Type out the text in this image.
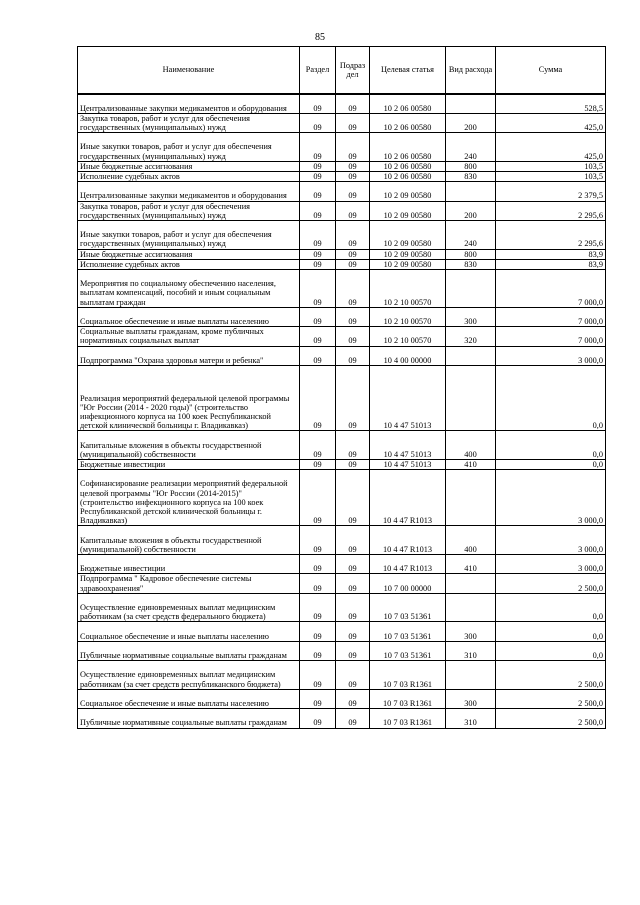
85
Наименование	Раздел	Подраз дел	Целевая статья	Вид расхода	Сумма
Централизованные закупки медикаментов и оборудования	09	09	10 2 06 00580		528,5
Закупка товаров, работ и услуг для обеспечения государственных (муниципальных) нужд	09	09	10 2 06 00580	200	425,0
Иные закупки товаров, работ и услуг для обеспечения государственных (муниципальных) нужд	09	09	10 2 06 00580	240	425,0
Иные бюджетные ассигнования	09	09	10 2 06 00580	800	103,5
Исполнение судебных актов	09	09	10 2 06 00580	830	103,5
Централизованные закупки медикаментов и оборудования	09	09	10 2 09 00580		2 379,5
Закупка товаров, работ и услуг для обеспечения государственных (муниципальных) нужд	09	09	10 2 09 00580	200	2 295,6
Иные закупки товаров, работ и услуг для обеспечения государственных (муниципальных) нужд	09	09	10 2 09 00580	240	2 295,6
Иные бюджетные ассигнования	09	09	10 2 09 00580	800	83,9
Исполнение судебных актов	09	09	10 2 09 00580	830	83,9
Мероприятия по социальному обеспечению населения, выплатам компенсаций, пособий и иным социальным выплатам граждан	09	09	10 2 10 00570		7 000,0
Социальное обеспечение и иные выплаты населению	09	09	10 2 10 00570	300	7 000,0
Социальные выплаты гражданам, кроме публичных нормативных социальных выплат	09	09	10 2 10 00570	320	7 000,0
Подпрограмма "Охрана здоровья матери и ребенка"	09	09	10 4 00 00000		3 000,0
Реализация мероприятий федеральной целевой программы "Юг России (2014 - 2020 годы)" (строительство инфекционного корпуса на 100 коек Республиканской детской клинической больницы г. Владикавказ)	09	09	10 4 47 51013		0,0
Капитальные вложения в объекты государственной (муниципальной) собственности	09	09	10 4 47 51013	400	0,0
Бюджетные инвестиции	09	09	10 4 47 51013	410	0,0
Софинансирование реализации мероприятий федеральной целевой программы "Юг России (2014-2015)" (строительство инфекционного корпуса на 100 коек Республиканской детской клинической больницы г. Владикавказ)	09	09	10 4 47 R1013		3 000,0
Капитальные вложения в объекты государственной (муниципальной) собственности	09	09	10 4 47 R1013	400	3 000,0
Бюджетные инвестиции	09	09	10 4 47 R1013	410	3 000,0
Подпрограмма " Кадровое обеспечение системы здравоохранения"	09	09	10 7 00 00000		2 500,0
Осуществление единовременных выплат медицинским работникам (за счет средств федерального бюджета)	09	09	10 7 03 51361		0,0
Социальное обеспечение и иные выплаты населению	09	09	10 7 03 51361	300	0,0
Публичные нормативные социальные выплаты гражданам	09	09	10 7 03 51361	310	0,0
Осуществление единовременных выплат медицинским работникам (за счет средств республиканского бюджета)	09	09	10 7 03 R1361		2 500,0
Социальное обеспечение и иные выплаты населению	09	09	10 7 03 R1361	300	2 500,0
Публичные нормативные социальные выплаты гражданам	09	09	10 7 03 R1361	310	2 500,0
